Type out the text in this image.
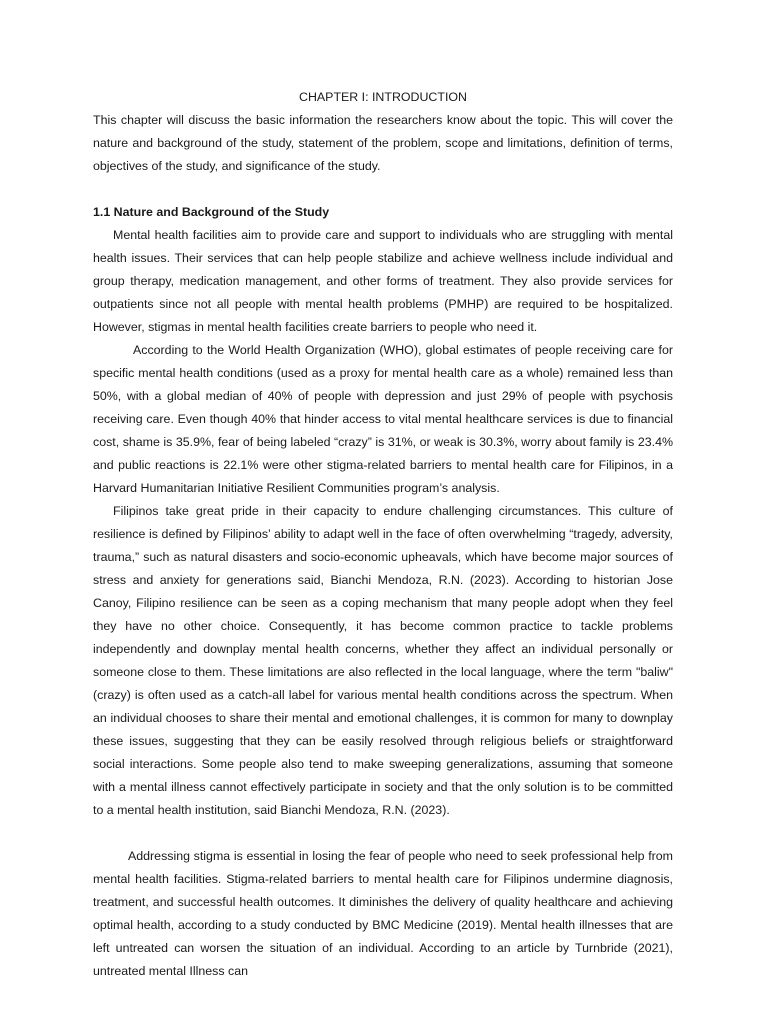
CHAPTER I: INTRODUCTION

This chapter will discuss the basic information the researchers know about the topic. This will cover the nature and background of the study, statement of the problem, scope and limitations, definition of terms, objectives of the study, and significance of the study.

1.1 Nature and Background of the Study

Mental health facilities aim to provide care and support to individuals who are struggling with mental health issues. Their services that can help people stabilize and achieve wellness include individual and group therapy, medication management, and other forms of treatment. They also provide services for outpatients since not all people with mental health problems (PMHP) are required to be hospitalized. However, stigmas in mental health facilities create barriers to people who need it.

According to the World Health Organization (WHO), global estimates of people receiving care for specific mental health conditions (used as a proxy for mental health care as a whole) remained less than 50%, with a global median of 40% of people with depression and just 29% of people with psychosis receiving care. Even though 40% that hinder access to vital mental healthcare services is due to financial cost, shame is 35.9%, fear of being labeled “crazy” is 31%, or weak is 30.3%, worry about family is 23.4% and public reactions is 22.1% were other stigma-related barriers to mental health care for Filipinos, in a Harvard Humanitarian Initiative Resilient Communities program’s analysis.

Filipinos take great pride in their capacity to endure challenging circumstances. This culture of resilience is defined by Filipinos’ ability to adapt well in the face of often overwhelming “tragedy, adversity, trauma,” such as natural disasters and socio-economic upheavals, which have become major sources of stress and anxiety for generations said, Bianchi Mendoza, R.N. (2023). According to historian Jose Canoy, Filipino resilience can be seen as a coping mechanism that many people adopt when they feel they have no other choice. Consequently, it has become common practice to tackle problems independently and downplay mental health concerns, whether they affect an individual personally or someone close to them. These limitations are also reflected in the local language, where the term "baliw" (crazy) is often used as a catch-all label for various mental health conditions across the spectrum. When an individual chooses to share their mental and emotional challenges, it is common for many to downplay these issues, suggesting that they can be easily resolved through religious beliefs or straightforward social interactions. Some people also tend to make sweeping generalizations, assuming that someone with a mental illness cannot effectively participate in society and that the only solution is to be committed to a mental health institution, said Bianchi Mendoza, R.N. (2023).

Addressing stigma is essential in losing the fear of people who need to seek professional help from mental health facilities. Stigma-related barriers to mental health care for Filipinos undermine diagnosis, treatment, and successful health outcomes. It diminishes the delivery of quality healthcare and achieving optimal health, according to a study conducted by BMC Medicine (2019). Mental health illnesses that are left untreated can worsen the situation of an individual. According to an article by Turnbride (2021), untreated mental Illness can
